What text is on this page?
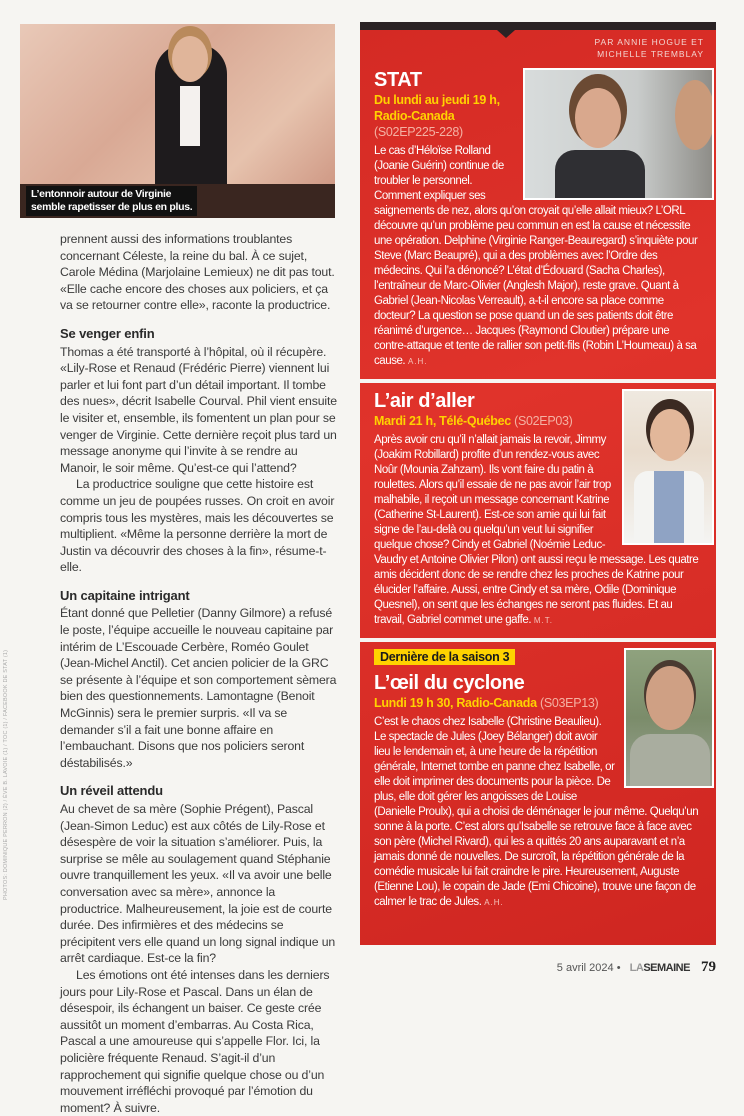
L’entonnoir autour de Virginie
semble rapetisser de plus en plus.
PHOTOS: DOMINIQUE PERRON (2) / ÈVE B. LAVOIE (1) / TOC (1) / FACEBOOK DE STAT (1)

prennent aussi des informations troublantes concernant Céleste, la reine du bal. À ce sujet, Carole Médina (Marjolaine Lemieux) ne dit pas tout. «Elle cache encore des choses aux policiers, et ça va se retourner contre elle», raconte la productrice.

Se venger enfin

Thomas a été transporté à l’hôpital, où il récupère. «Lily-Rose et Renaud (Frédéric Pierre) viennent lui parler et lui font part d’un détail important. Il tombe des nues», décrit Isabelle Courval. Phil vient ensuite le visiter et, ensemble, ils fomentent un plan pour se venger de Virginie. Cette dernière reçoit plus tard un message anonyme qui l’invite à se rendre au Manoir, le soir même. Qu’est-ce qui l’attend?

La productrice souligne que cette histoire est comme un jeu de poupées russes. On croit en avoir compris tous les mystères, mais les découvertes se multiplient. «Même la personne derrière la mort de Justin va découvrir des choses à la fin», résume-t-elle.

Un capitaine intrigant

Étant donné que Pelletier (Danny Gilmore) a refusé le poste, l’équipe accueille le nouveau capitaine par intérim de L’Escouade Cerbère, Roméo Goulet (Jean-Michel Anctil). Cet ancien policier de la GRC se présente à l’équipe et son comportement sèmera bien des questionnements. Lamontagne (Benoit McGinnis) sera le premier surpris. «Il va se demander s’il a fait une bonne affaire en l’embauchant. Disons que nos policiers seront déstabilisés.»

Un réveil attendu

Au chevet de sa mère (Sophie Prégent), Pascal (Jean-Simon Leduc) est aux côtés de Lily-Rose et désespère de voir la situation s’améliorer. Puis, la surprise se mêle au soulagement quand Stéphanie ouvre tranquillement les yeux. «Il va avoir une belle conversation avec sa mère», annonce la productrice. Malheureusement, la joie est de courte durée. Des infirmières et des médecins se précipitent vers elle quand un long signal indique un arrêt cardiaque. Est-ce la fin?

Les émotions ont été intenses dans les derniers jours pour Lily-Rose et Pascal. Dans un élan de désespoir, ils échangent un baiser. Ce geste crée aussitôt un moment d’embarras. Au Costa Rica, Pascal a une amoureuse qui s’appelle Flor. Ici, la policière fréquente Renaud. S’agit-il d’un rapprochement qui signifie quelque chose ou d’un mouvement irréfléchi provoqué par l’émotion du moment? À suivre.

PAR ANNIE HOGUE ET
MICHELLE TREMBLAY
STAT
Du lundi au jeudi 19 h, Radio-Canada
(S02EP225-228)
Le cas d’Héloïse Rolland (Joanie Guérin) continue de troubler le personnel. Comment expliquer ses saignements de nez, alors qu’on croyait qu’elle allait mieux? L’ORL découvre qu’un problème peu commun en est la cause et nécessite une opération. Delphine (Virginie Ranger-Beauregard) s’inquiète pour Steve (Marc Beaupré), qui a des problèmes avec l’Ordre des médecins. Qui l’a dénoncé? L’état d’Édouard (Sacha Charles), l’entraîneur de Marc-Olivier (Anglesh Major), reste grave. Quant à Gabriel (Jean-Nicolas Verreault), a-t-il encore sa place comme docteur? La question se pose quand un de ses patients doit être réanimé d’urgence… Jacques (Raymond Cloutier) prépare une contre-attaque et tente de rallier son petit-fils (Robin L’Houmeau) à sa cause. A.H.
L’air d’aller
Mardi 21 h, Télé-Québec (S02EP03)
Après avoir cru qu’il n’allait jamais la revoir, Jimmy (Joakim Robillard) profite d’un rendez-vous avec Noûr (Mounia Zahzam). Ils vont faire du patin à roulettes. Alors qu’il essaie de ne pas avoir l’air trop malhabile, il reçoit un message concernant Katrine (Catherine St-Laurent). Est-ce son amie qui lui fait signe de l’au-delà ou quelqu’un veut lui signifier quelque chose? Cindy et Gabriel (Noémie Leduc-Vaudry et Antoine Olivier Pilon) ont aussi reçu le message. Les quatre amis décident donc de se rendre chez les proches de Katrine pour élucider l’affaire. Aussi, entre Cindy et sa mère, Odile (Dominique Quesnel), on sent que les échanges ne seront pas fluides. Et au travail, Gabriel commet une gaffe. M.T.
Dernière de la saison 3
L’œil du cyclone
Lundi 19 h 30, Radio-Canada (S03EP13)
C’est le chaos chez Isabelle (Christine Beaulieu). Le spectacle de Jules (Joey Bélanger) doit avoir lieu le lendemain et, à une heure de la répétition générale, Internet tombe en panne chez Isabelle, or elle doit imprimer des documents pour la pièce. De plus, elle doit gérer les angoisses de Louise (Danielle Proulx), qui a choisi de déménager le jour même. Quelqu’un sonne à la porte. C’est alors qu’Isabelle se retrouve face à face avec son père (Michel Rivard), qui les a quittés 20 ans auparavant et n’a jamais donné de nouvelles. De surcroît, la répétition générale de la comédie musicale lui fait craindre le pire. Heureusement, Auguste (Etienne Lou), le copain de Jade (Emi Chicoine), trouve une façon de calmer le trac de Jules. A.H.
5 avril 2024 • LASEMAINE 79
